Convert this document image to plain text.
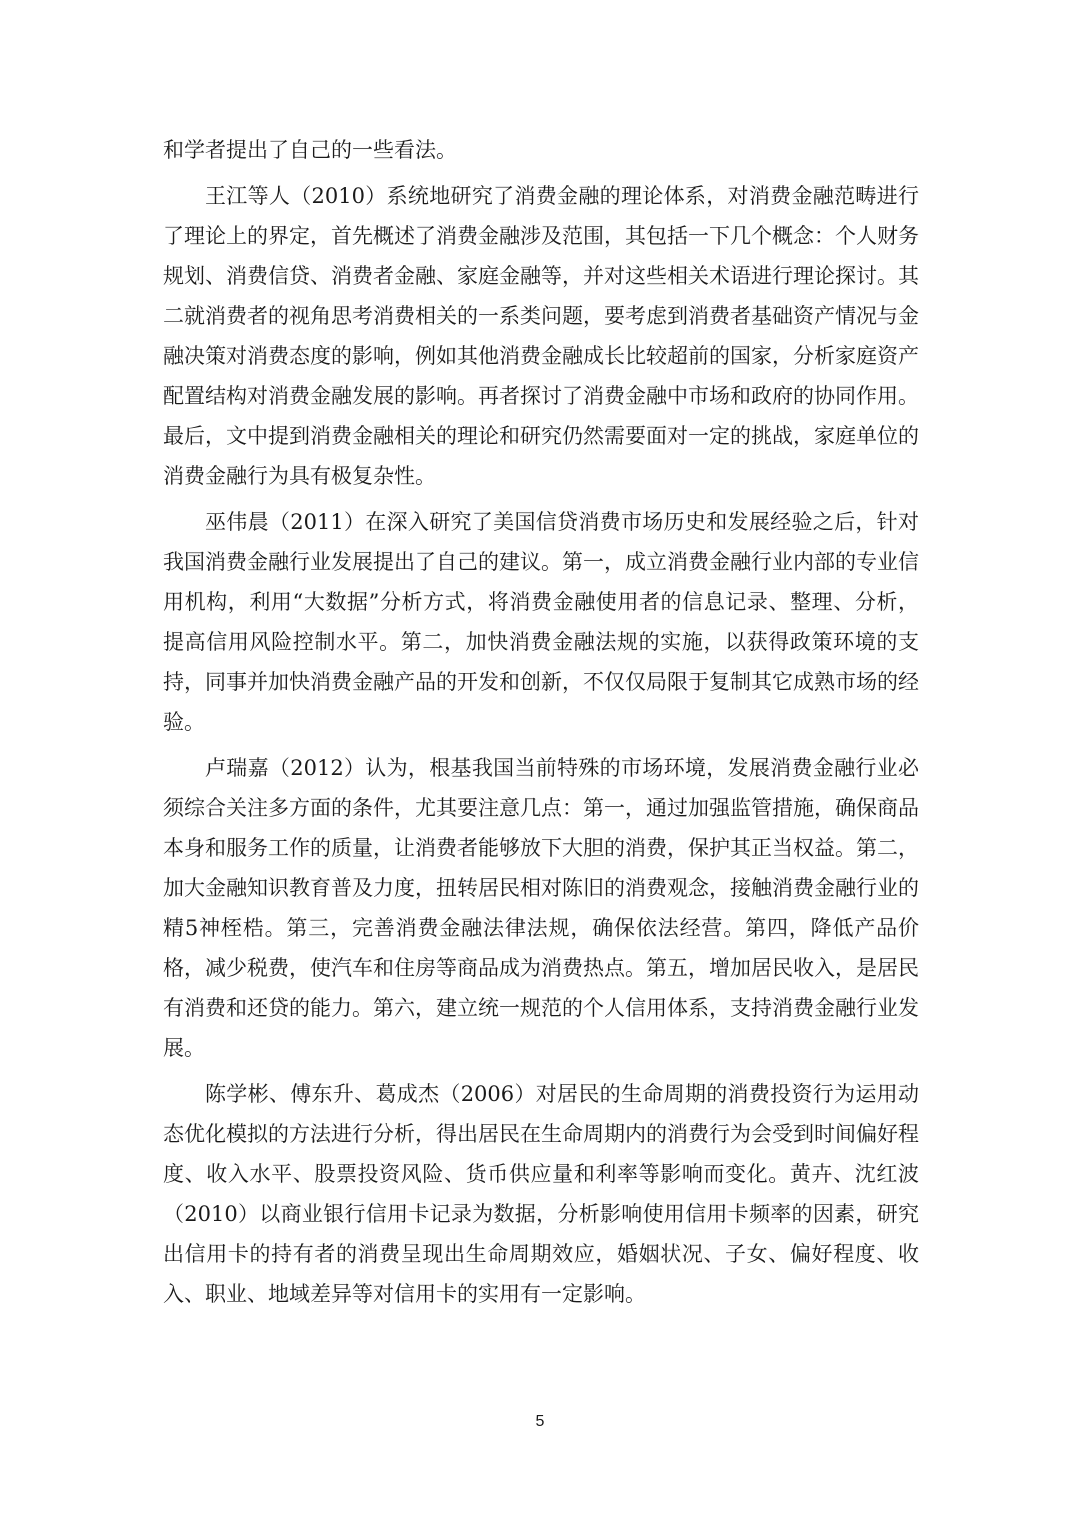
和学者提出了自己的一些看法。

王江等人（2010）系统地研究了消费金融的理论体系，对消费金融范畴进行了理论上的界定，首先概述了消费金融涉及范围，其包括一下几个概念：个人财务规划、消费信贷、消费者金融、家庭金融等，并对这些相关术语进行理论探讨。其二就消费者的视角思考消费相关的一系类问题，要考虑到消费者基础资产情况与金融决策对消费态度的影响，例如其他消费金融成长比较超前的国家，分析家庭资产配置结构对消费金融发展的影响。再者探讨了消费金融中市场和政府的协同作用。最后，文中提到消费金融相关的理论和研究仍然需要面对一定的挑战，家庭单位的消费金融行为具有极复杂性。

巫伟晨（2011）在深入研究了美国信贷消费市场历史和发展经验之后，针对我国消费金融行业发展提出了自己的建议。第一，成立消费金融行业内部的专业信用机构，利用“大数据”分析方式，将消费金融使用者的信息记录、整理、分析，提高信用风险控制水平。第二，加快消费金融法规的实施，以获得政策环境的支持，同事并加快消费金融产品的开发和创新，不仅仅局限于复制其它成熟市场的经验。

卢瑞嘉（2012）认为，根基我国当前特殊的市场环境，发展消费金融行业必须综合关注多方面的条件，尤其要注意几点：第一，通过加强监管措施，确保商品本身和服务工作的质量，让消费者能够放下大胆的消费，保护其正当权益。第二，加大金融知识教育普及力度，扭转居民相对陈旧的消费观念，接触消费金融行业的精5神桎梏。第三，完善消费金融法律法规，确保依法经营。第四，降低产品价格，减少税费，使汽车和住房等商品成为消费热点。第五，增加居民收入，是居民有消费和还贷的能力。第六，建立统一规范的个人信用体系，支持消费金融行业发展。

陈学彬、傅东升、葛成杰（2006）对居民的生命周期的消费投资行为运用动态优化模拟的方法进行分析，得出居民在生命周期内的消费行为会受到时间偏好程度、收入水平、股票投资风险、货币供应量和利率等影响而变化。黄卉、沈红波（2010）以商业银行信用卡记录为数据，分析影响使用信用卡频率的因素，研究出信用卡的持有者的消费呈现出生命周期效应，婚姻状况、子女、偏好程度、收入、职业、地域差异等对信用卡的实用有一定影响。

5
